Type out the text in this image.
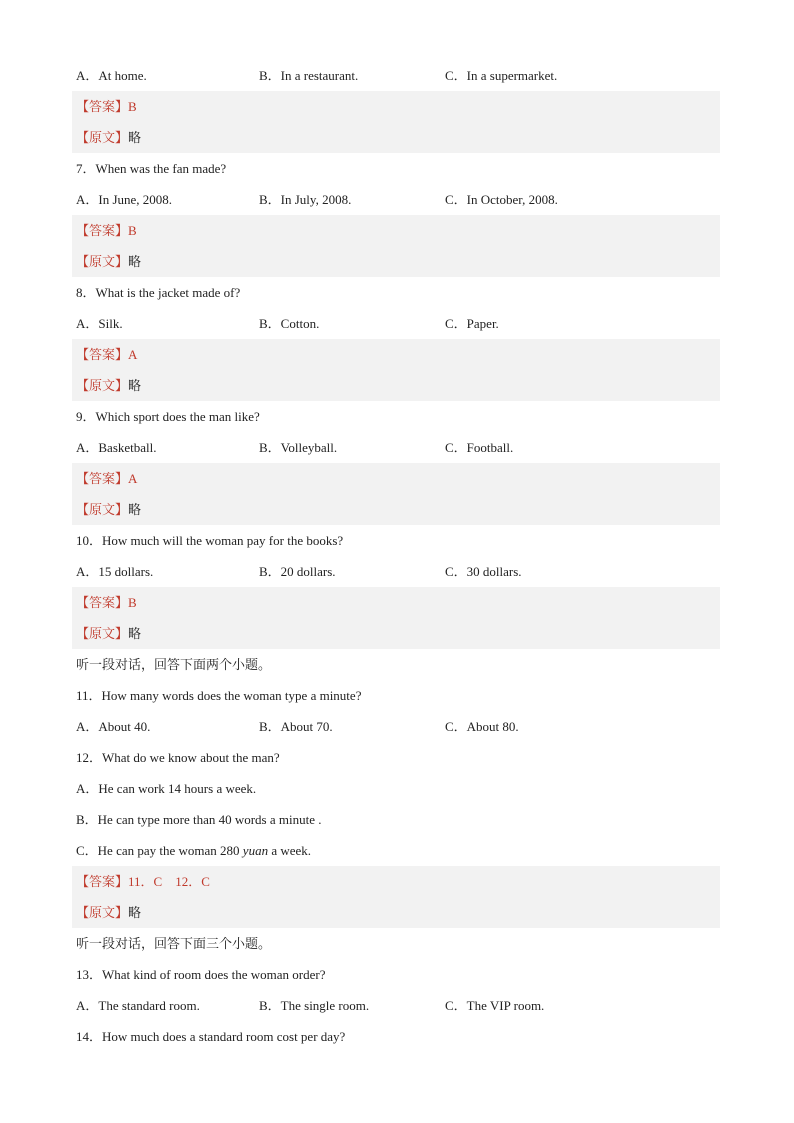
A．At home.	B．In a restaurant.	C．In a supermarket.
【答案】B
【原文】略
7．When was the fan made?
A．In June, 2008.	B．In July, 2008.	C．In October, 2008.
【答案】B
【原文】略
8．What is the jacket made of?
A．Silk.	B．Cotton.	C．Paper.
【答案】A
【原文】略
9．Which sport does the man like?
A．Basketball.	B．Volleyball.	C．Football.
【答案】A
【原文】略
10．How much will the woman pay for the books?
A．15 dollars.	B．20 dollars.	C．30 dollars.
【答案】B
【原文】略
听一段对话，回答下面两个小题。
11．How many words does the woman type a minute?
A．About 40.	B．About 70.	C．About 80.
12．What do we know about the man?
A．He can work 14 hours a week.
B．He can type more than 40 words a minute .
C．He can pay the woman 280 yuan a week.
【答案】11．C　12．C
【原文】略
听一段对话，回答下面三个小题。
13．What kind of room does the woman order?
A．The standard room.	B．The single room.	C．The VIP room.
14．How much does a standard room cost per day?
